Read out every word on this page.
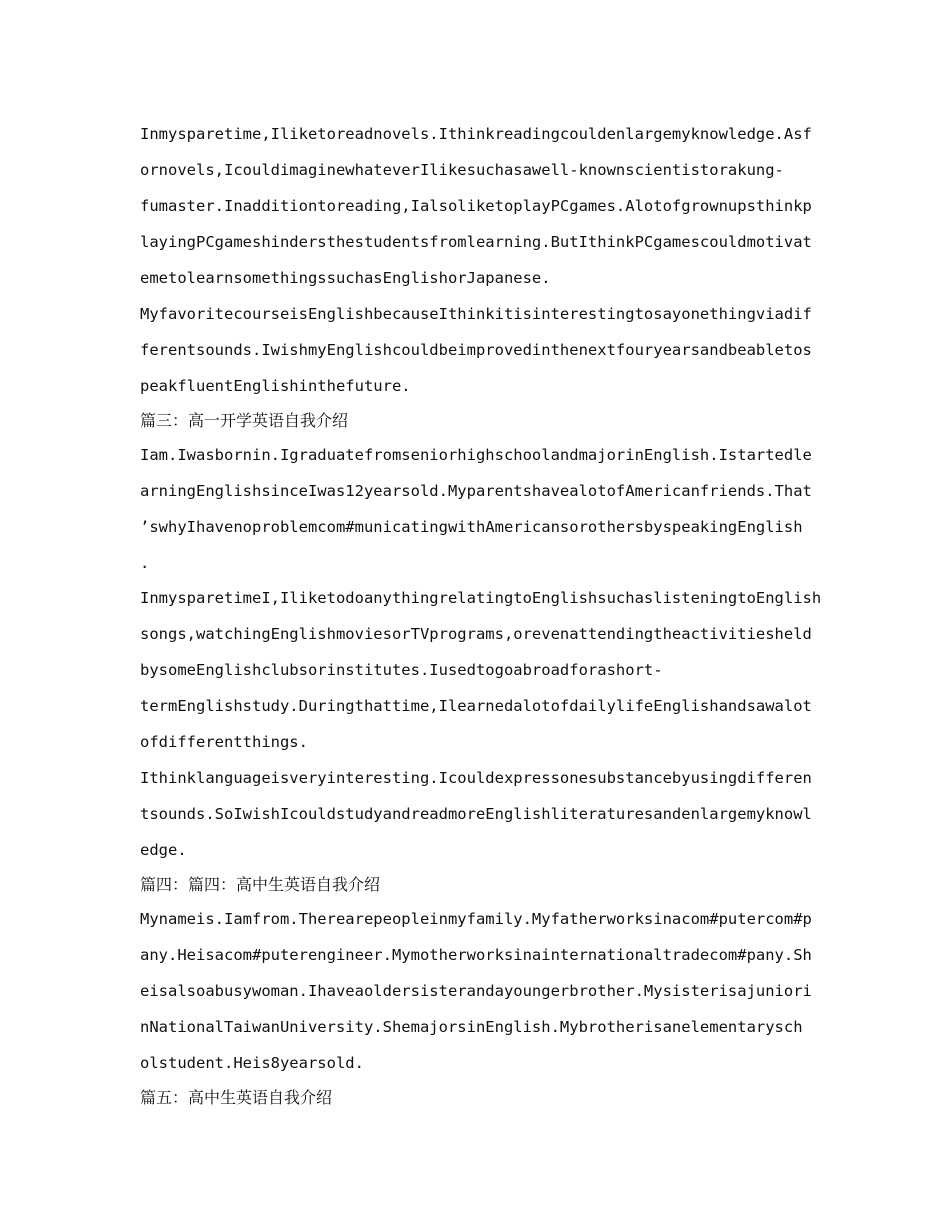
Inmysparetime,Iliketoreadnovels.Ithinkreadingcouldenlargemyknowledge.Asf
ornovels,IcouldimaginewhateverIlikesuchasawell-knownscientistorakung-
fumaster.Inadditiontoreading,IalsoliketoplayPCgames.Alotofgrownupsthinkp
layingPCgameshindersthestudentsfromlearning.ButIthinkPCgamescouldmotivat
emetolearnsomethingssuchasEnglishorJapanese.
MyfavoritecourseisEnglishbecauseIthinkitisinterestingtosayonethingviadif
ferentsounds.IwishmyEnglishcouldbeimprovedinthenextfouryearsandbeabletos
peakfluentEnglishinthefuture.
篇三：高一开学英语自我介绍
Iam.Iwasbornin.IgraduatefromseniorhighschoolandmajorinEnglish.Istartedle
arningEnglishsinceIwas12yearsold.MyparentshavealotofAmericanfriends.That
’swhyIhavenoproblemcom#municatingwithAmericansorothersbyspeakingEnglish
.
InmysparetimeI,IliketodoanythingrelatingtoEnglishsuchaslisteningtoEnglish
songs,watchingEnglishmoviesorTVprograms,orevenattendingtheactivitiesheld
bysomeEnglishclubsorinstitutes.Iusedtogoabroadforashort-
termEnglishstudy.Duringthattime,IlearnedalotofdailylifeEnglishandsawalot
ofdifferentthings.
Ithinklanguageisveryinteresting.Icouldexpressonesubstancebyusingdifferen
tsounds.SoIwishIcouldstudyandreadmoreEnglishliteraturesandenlargemyknowl
edge.
篇四：篇四：高中生英语自我介绍
Mynameis.Iamfrom.Therearepeopleinmyfamily.Myfatherworksinacom#putercom#p
any.Heisacom#puterengineer.Mymotherworksinainternationaltradecom#pany.Sh
eisalsoabusywoman.Ihaveaoldersisterandayoungerbrother.Mysisterisajuniori
nNationalTaiwanUniversity.ShemajorsinEnglish.Mybrotherisanelementarysch
olstudent.Heis8yearsold.
篇五：高中生英语自我介绍
